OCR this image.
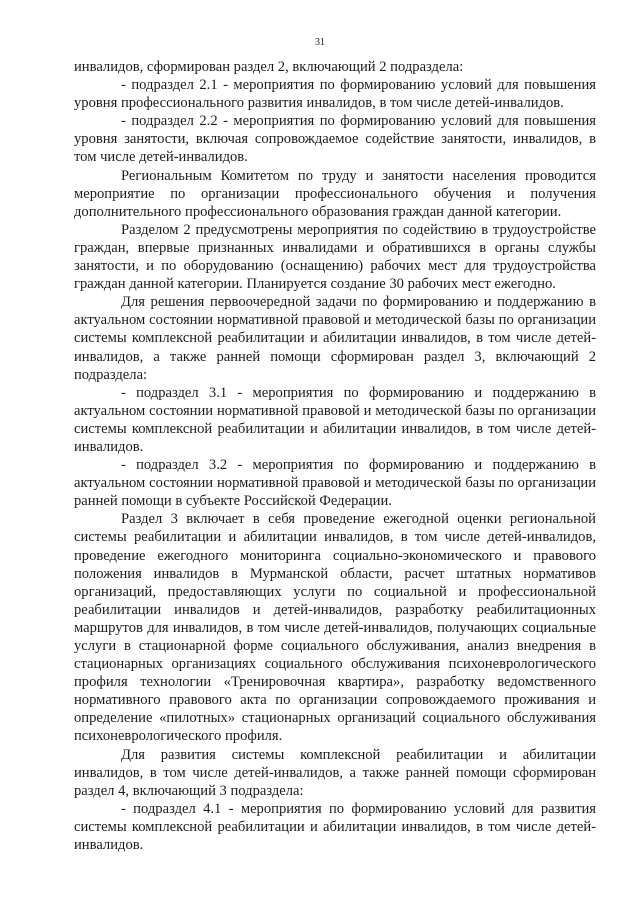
31

инвалидов, сформирован раздел 2, включающий 2 подраздела:

- подраздел 2.1 - мероприятия по формированию условий для повышения уровня профессионального развития инвалидов, в том числе детей-инвалидов.

- подраздел 2.2 - мероприятия по формированию условий для повышения уровня занятости, включая сопровождаемое содействие занятости, инвалидов, в том числе детей-инвалидов.

Региональным Комитетом по труду и занятости населения проводится мероприятие по организации профессионального обучения и получения дополнительного профессионального образования граждан данной категории.

Разделом 2 предусмотрены мероприятия по содействию в трудоустройстве граждан, впервые признанных инвалидами и обратившихся в органы службы занятости, и по оборудованию (оснащению) рабочих мест для трудоустройства граждан данной категории. Планируется создание 30 рабочих мест ежегодно.

Для решения первоочередной задачи по формированию и поддержанию в актуальном состоянии нормативной правовой и методической базы по организации системы комплексной реабилитации и абилитации инвалидов, в том числе детей-инвалидов, а также ранней помощи сформирован раздел 3, включающий 2 подраздела:

- подраздел 3.1 - мероприятия по формированию и поддержанию в актуальном состоянии нормативной правовой и методической базы по организации системы комплексной реабилитации и абилитации инвалидов, в том числе детей-инвалидов.

- подраздел 3.2 - мероприятия по формированию и поддержанию в актуальном состоянии нормативной правовой и методической базы по организации ранней помощи в субъекте Российской Федерации.

Раздел 3 включает в себя проведение ежегодной оценки региональной системы реабилитации и абилитации инвалидов, в том числе детей-инвалидов, проведение ежегодного мониторинга социально-экономического и правового положения инвалидов в Мурманской области, расчет штатных нормативов организаций, предоставляющих услуги по социальной и профессиональной реабилитации инвалидов и детей-инвалидов, разработку реабилитационных маршрутов для инвалидов, в том числе детей-инвалидов, получающих социальные услуги в стационарной форме социального обслуживания, анализ внедрения в стационарных организациях социального обслуживания психоневрологического профиля технологии «Тренировочная квартира», разработку ведомственного нормативного правового акта по организации сопровождаемого проживания и определение «пилотных» стационарных организаций социального обслуживания психоневрологического профиля.

Для развития системы комплексной реабилитации и абилитации инвалидов, в том числе детей-инвалидов, а также ранней помощи сформирован раздел 4, включающий 3 подраздела:

- подраздел 4.1 - мероприятия по формированию условий для развития системы комплексной реабилитации и абилитации инвалидов, в том числе детей-инвалидов.
